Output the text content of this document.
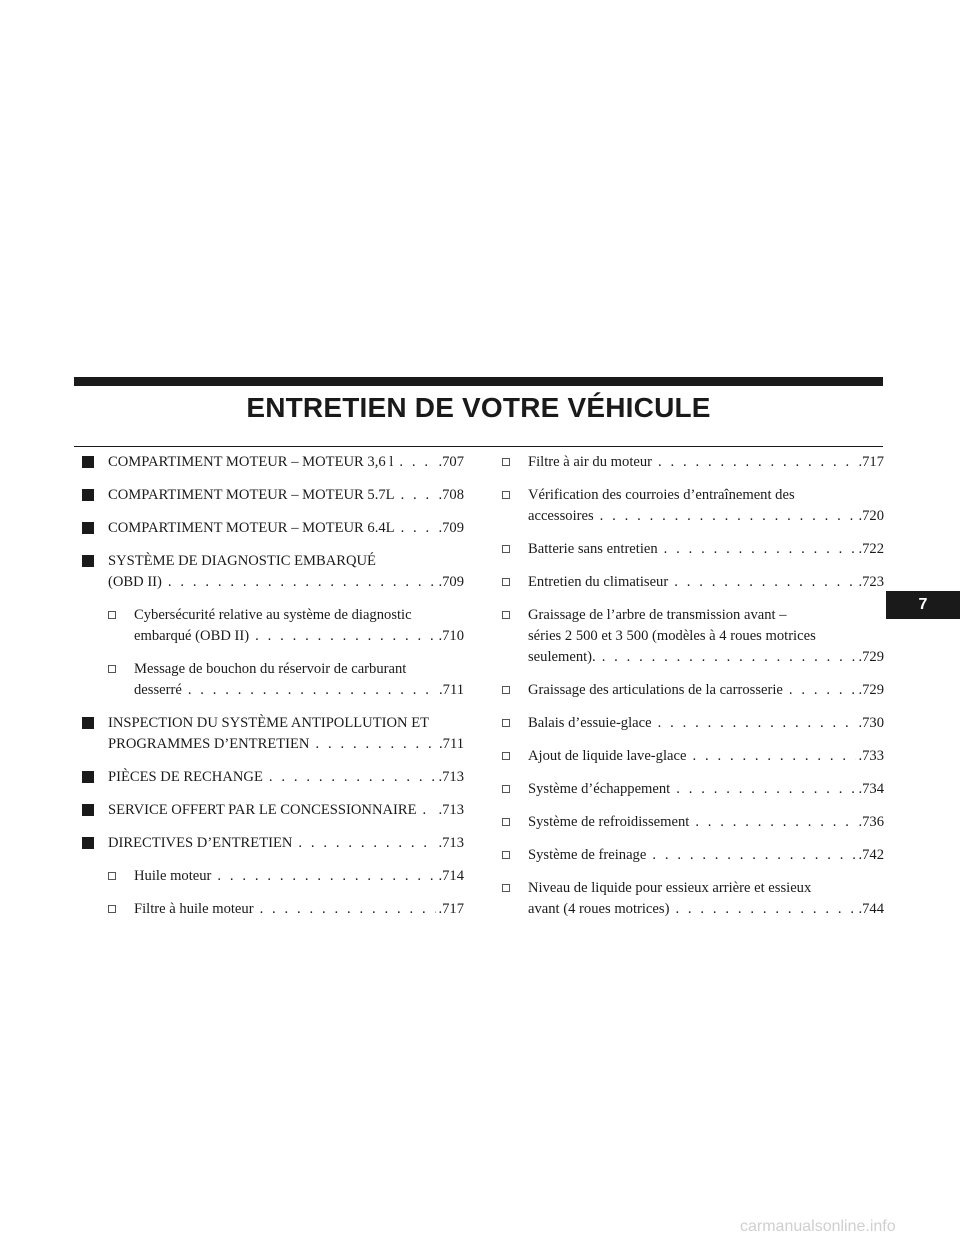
ENTRETIEN DE VOTRE VÉHICULE
COMPARTIMENT MOTEUR – MOTEUR 3,6 l . . .	.707
COMPARTIMENT MOTEUR – MOTEUR 5.7L . . .	.708
COMPARTIMENT MOTEUR – MOTEUR 6.4L . . .	.709
SYSTÈME DE DIAGNOSTIC EMBARQUÉ
(OBD II) . . .	.709
Cybersécurité relative au système de diagnostic
embarqué (OBD II) . . .	.710
Message de bouchon du réservoir de carburant
desserré . . .	.711
INSPECTION DU SYSTÈME ANTIPOLLUTION ET
PROGRAMMES D’ENTRETIEN . . .	.711
PIÈCES DE RECHANGE . . .	.713
SERVICE OFFERT PAR LE CONCESSIONNAIRE . . . .713
DIRECTIVES D’ENTRETIEN . . .	.713
Huile moteur . . .	.714
Filtre à huile moteur . . .	.717
Filtre à air du moteur . . .	.717
Vérification des courroies d’entraînement des
accessoires . . .	.720
Batterie sans entretien . . .	.722
Entretien du climatiseur . . .	.723
Graissage de l’arbre de transmission avant –
séries 2 500 et 3 500 (modèles à 4 roues motrices
seulement). . . .	.729
Graissage des articulations de la carrosserie . . .	.729
Balais d’essuie-glace . . .	.730
Ajout de liquide lave-glace . . .	.733
Système d’échappement . . .	.734
Système de refroidissement . . .	.736
Système de freinage . . .	.742
Niveau de liquide pour essieux arrière et essieux
avant (4 roues motrices) . . .	.744
7
carmanualsonline.info
